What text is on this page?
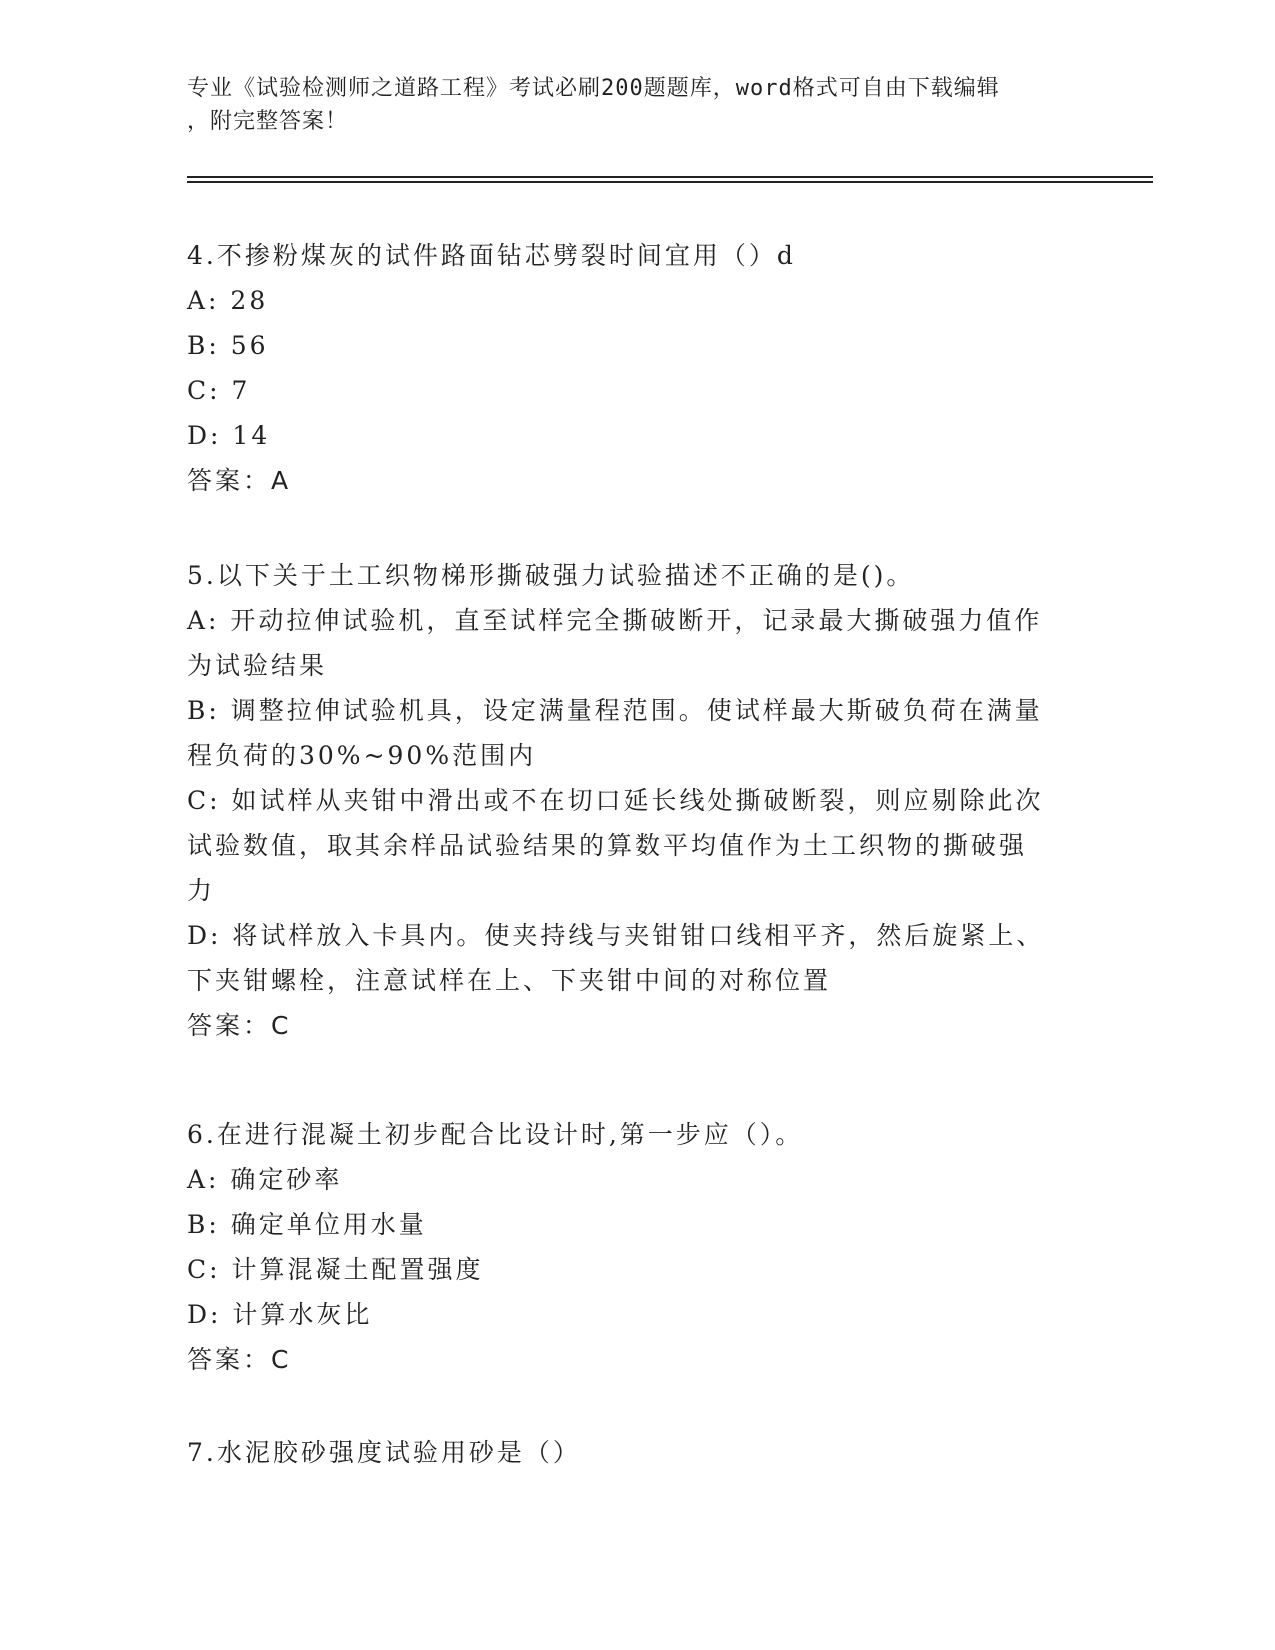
专业《试验检测师之道路工程》考试必刷200题题库，word格式可自由下载编辑
，附完整答案！
4.不掺粉煤灰的试件路面钻芯劈裂时间宜用（）d
A: 28
B: 56
C: 7
D: 14
答案：A
5.以下关于土工织物梯形撕破强力试验描述不正确的是()。
A: 开动拉伸试验机，直至试样完全撕破断开，记录最大撕破强力值作
为试验结果
B: 调整拉伸试验机具，设定满量程范围。使试样最大斯破负荷在满量
程负荷的30%~90%范围内
C: 如试样从夹钳中滑出或不在切口延长线处撕破断裂，则应剔除此次
试验数值，取其余样品试验结果的算数平均值作为土工织物的撕破强
力
D: 将试样放入卡具内。使夹持线与夹钳钳口线相平齐，然后旋紧上、
下夹钳螺栓，注意试样在上、下夹钳中间的对称位置
答案：C
6.在进行混凝土初步配合比设计时,第一步应（）。
A: 确定砂率
B: 确定单位用水量
C: 计算混凝土配置强度
D: 计算水灰比
答案：C
7.水泥胶砂强度试验用砂是（）
